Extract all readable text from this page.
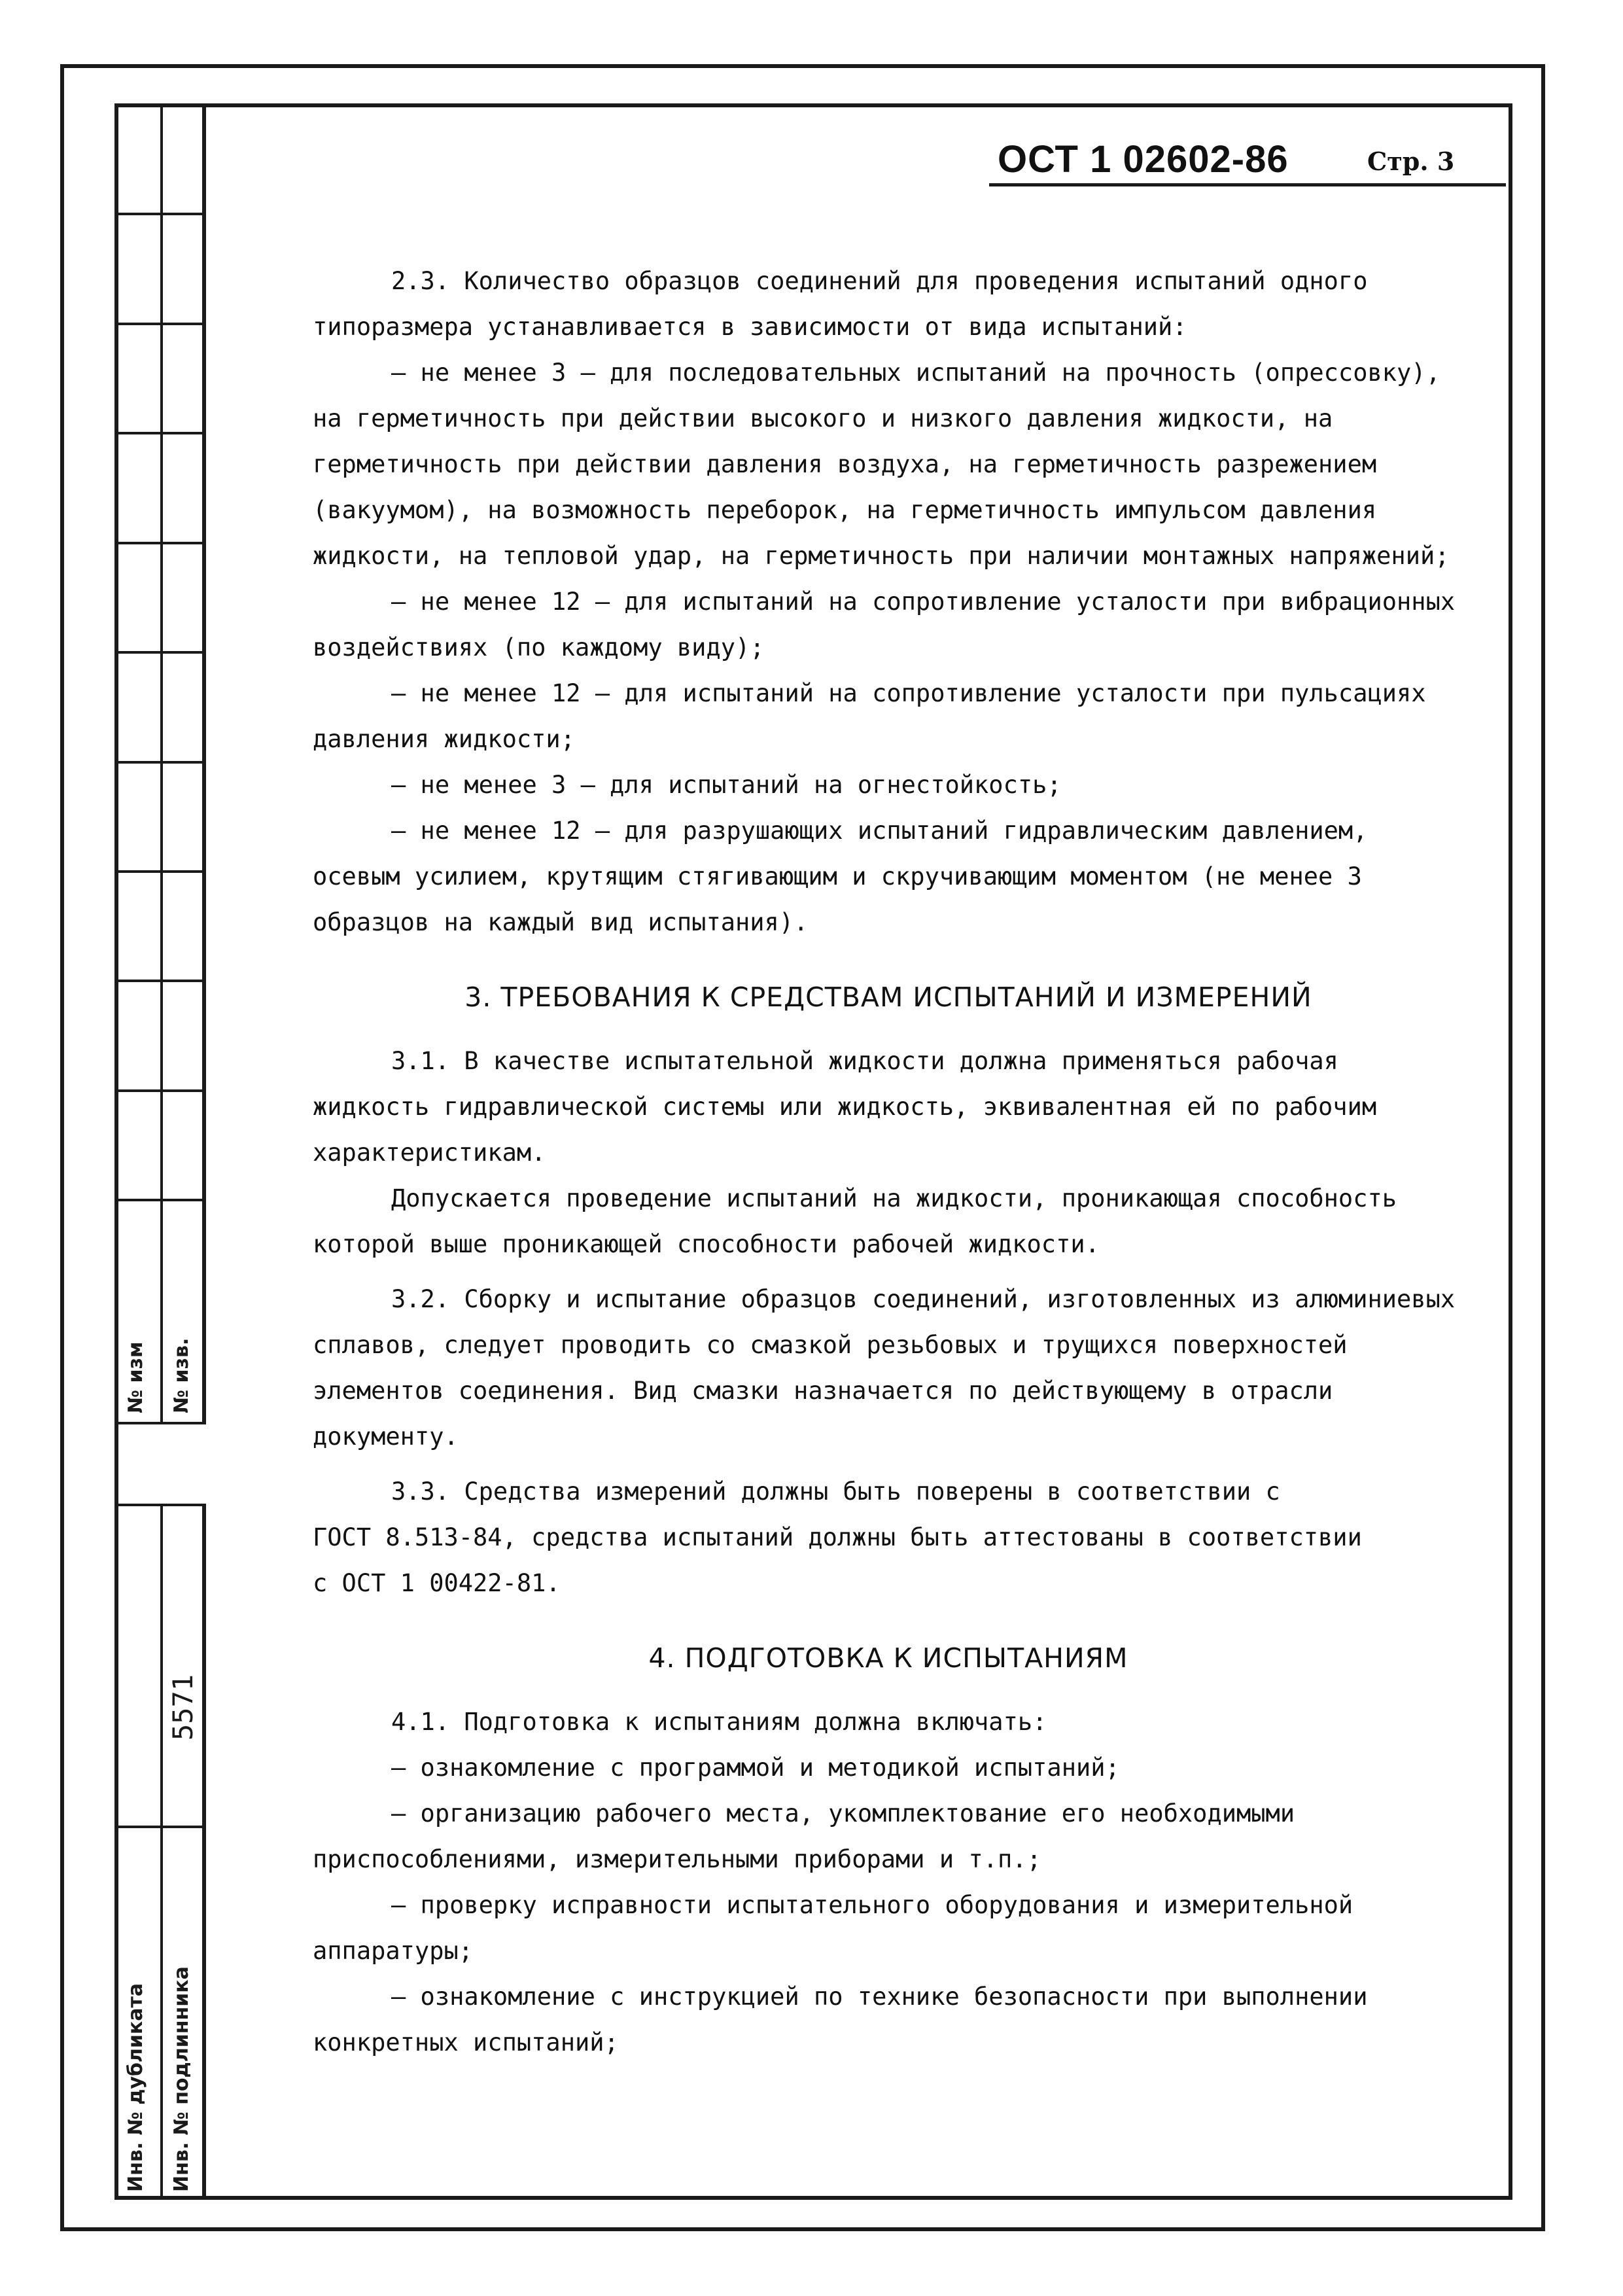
№ изм № изв.
5571
Инв. № дубликата Инв. № подлинника
ОСТ 1 02602-86	Стр. 3

2.3. Количество образцов соединений для проведения испытаний одного типоразмера устанавливается в зависимости от вида испытаний:

– не менее 3 – для последовательных испытаний на прочность (опрессовку), на герметичность при действии высокого и низкого давления жидкости, на герметичность при действии давления воздуха, на герметичность разрежением (вакуумом), на возможность переборок, на герметичность импульсом давления жидкости, на тепловой удар, на герметичность при наличии монтажных напряжений;

– не менее 12 – для испытаний на сопротивление усталости при вибрационных воздействиях (по каждому виду);

– не менее 12 – для испытаний на сопротивление усталости при пульсациях давления жидкости;

– не менее 3 – для испытаний на огнестойкость;

– не менее 12 – для разрушающих испытаний гидравлическим давлением, осевым усилием, крутящим стягивающим и скручивающим моментом (не менее 3 образцов на каждый вид испытания).

3. ТРЕБОВАНИЯ К СРЕДСТВАМ ИСПЫТАНИЙ И ИЗМЕРЕНИЙ

3.1. В качестве испытательной жидкости должна применяться рабочая жидкость гидравлической системы или жидкость, эквивалентная ей по рабочим характеристикам.

Допускается проведение испытаний на жидкости, проникающая способность которой выше проникающей способности рабочей жидкости.

3.2. Сборку и испытание образцов соединений, изготовленных из алюминиевых сплавов, следует проводить со смазкой резьбовых и трущихся поверхностей элементов соединения. Вид смазки назначается по действующему в отрасли документу.

3.3. Средства измерений должны быть поверены в соответствии с

ГОСТ 8.513-84, средства испытаний должны быть аттестованы в соответствии

с ОСТ 1 00422-81.

4. ПОДГОТОВКА К ИСПЫТАНИЯМ

4.1. Подготовка к испытаниям должна включать:

– ознакомление с программой и методикой испытаний;

– организацию рабочего места, укомплектование его необходимыми приспособлениями, измерительными приборами и т.п.;

– проверку исправности испытательного оборудования и измерительной аппаратуры;

– ознакомление с инструкцией по технике безопасности при выполнении конкретных испытаний;
